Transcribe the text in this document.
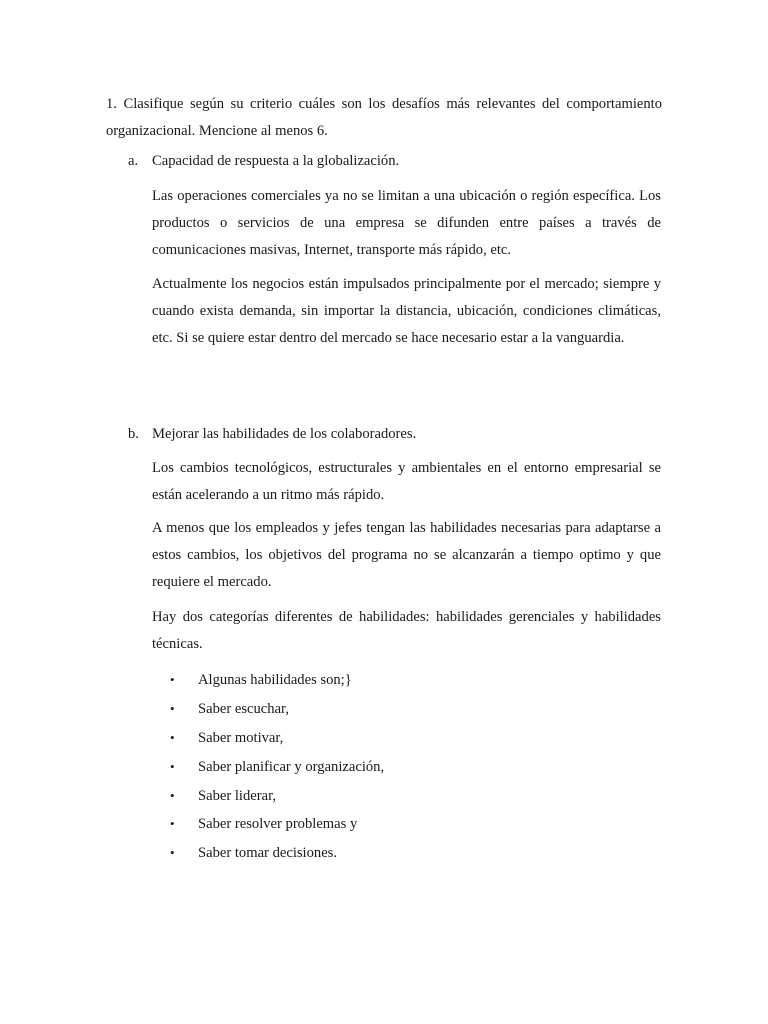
1. Clasifique según su criterio cuáles son los desafíos más relevantes del comportamiento organizacional. Mencione al menos 6.

a. Capacidad de respuesta a la globalización.

Las operaciones comerciales ya no se limitan a una ubicación o región específica. Los productos o servicios de una empresa se difunden entre países a través de comunicaciones masivas, Internet, transporte más rápido, etc.

Actualmente los negocios están impulsados principalmente por el mercado; siempre y cuando exista demanda, sin importar la distancia, ubicación, condiciones climáticas, etc. Si se quiere estar dentro del mercado se hace necesario estar a la vanguardia.

b. Mejorar las habilidades de los colaboradores.

Los cambios tecnológicos, estructurales y ambientales en el entorno empresarial se están acelerando a un ritmo más rápido.

A menos que los empleados y jefes tengan las habilidades necesarias para adaptarse a estos cambios, los objetivos del programa no se alcanzarán a tiempo optimo y que requiere el mercado.

Hay dos categorías diferentes de habilidades: habilidades gerenciales y habilidades técnicas.

•	Algunas habilidades son;}
•	Saber escuchar,
•	Saber motivar,
•	Saber planificar y organización,
•	Saber liderar,
•	Saber resolver problemas y
•	Saber tomar decisiones.
